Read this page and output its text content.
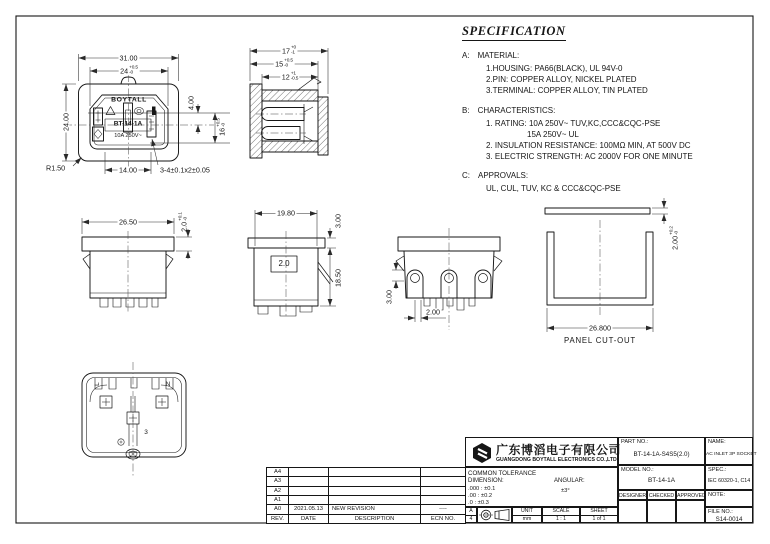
31.00
24 +0.5
-0
24.00
4.00
16
+0.5 -0
14.00
R1.50	3-4±0.1x2±0.05
17 +0
-1
15 +0.5
-0
12 +1
-0.5
26.50	2.0
+0.1 -0
19.80
3.00
18.50
2.0
3.00
2.00
2.00
+0.2 -0
26.800
PANEL CUT-OUT
L	N
3
BOYTALL
BT-14-1A
10A 250V~
SPECIFICATION
A: MATERIAL:
1.HOUSING: PA66(BLACK), UL 94V-0
2.PIN: COPPER ALLOY, NICKEL PLATED
3.TERMINAL: COPPER ALLOY, TIN PLATED
B: CHARACTERISTICS:
1. RATING: 10A 250V~ TUV,KC,CCC&CQC-PSE
15A 250V~ UL
2. INSULATION RESISTANCE: 100MΩ MIN, AT 500V DC
3. ELECTRIC STRENGTH: AC 2000V FOR ONE MINUTE
C: APPROVALS:
UL, CUL, TUV, KC & CCC&CQC-PSE
A4
A3
A2
A1
A0	2021.05.13	NEW REVISION	----
REV.	DATE	DESCRIPTION	ECN NO.
广东博滔电子有限公司
GUANGDONG BOYTALL ELECTRONICS CO.,LTD
COMMON TOLERANCE
DIMENSION:	ANGULAR:
.000 : ±0.1
.00 : ±0.2
.0 : ±0.3
±3°
A
4
UNIT
mm
SCALE
1 : 1
SHEET
1 of 1
PART NO.:
BT-14-1A-S4S5(2.0)
NAME:
AC INLET 3P SOCKET
MODEL NO.:
BT-14-1A
SPEC.:
IEC 60320-1, C14
DESIGNER CHECKED APPROVED NOTE:
FILE NO.:
S14-0014
